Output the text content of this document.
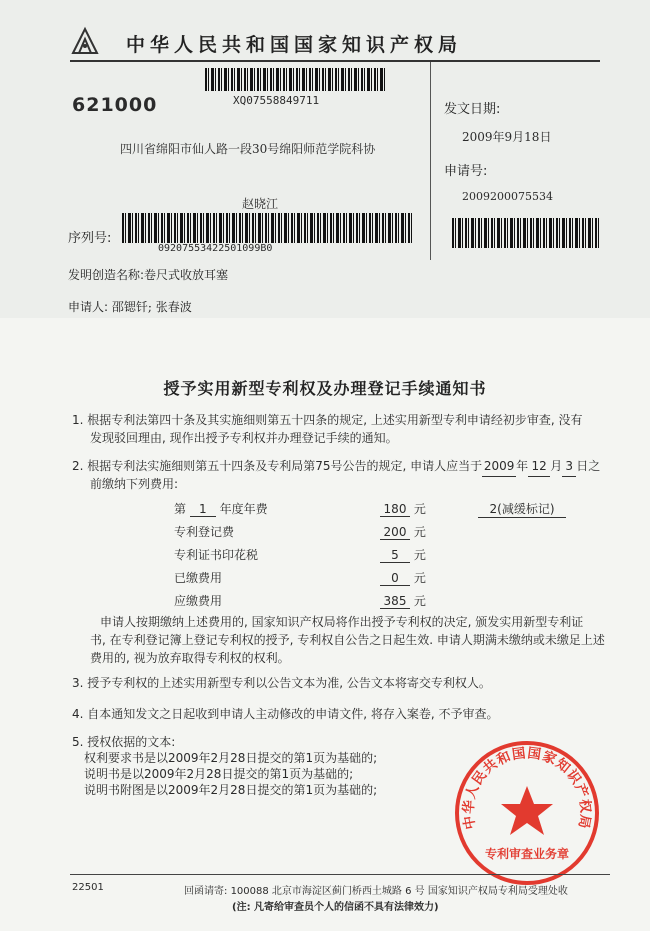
中华人民共和国国家知识产权局
XQ07558849711
621000
四川省绵阳市仙人路一段30号绵阳师范学院科协
赵晓江
序列号:
09207553422501099B0
发文日期:
2009年9月18日
申请号:
2009200075534
发明创造名称:卷尺式收放耳塞
申请人: 邵锶钎; 张春波
授予实用新型专利权及办理登记手续通知书
1. 根据专利法第四十条及其实施细则第五十四条的规定, 上述实用新型专利申请经初步审查, 没有
发现驳回理由, 现作出授予专利权并办理登记手续的通知。
2. 根据专利法实施细则第五十四条及专利局第75号公告的规定, 申请人应当于 2009 年 12 月 3 日之
前缴纳下列费用:
第 1 年度年费	180 元	2(减缓标记)
专利登记费	200 元
专利证书印花税	5 元
已缴费用	0 元
应缴费用	385 元
申请人按期缴纳上述费用的, 国家知识产权局将作出授予专利权的决定, 颁发实用新型专利证
书, 在专利登记簿上登记专利权的授予, 专利权自公告之日起生效. 申请人期满未缴纳或未缴足上述
费用的, 视为放弃取得专利权的权利。
3. 授予专利权的上述实用新型专利以公告文本为准, 公告文本将寄交专利权人。
4. 自本通知发文之日起收到申请人主动修改的申请文件, 将存入案卷, 不予审查。
5. 授权依据的文本:
权利要求书是以2009年2月28日提交的第1页为基础的;
说明书是以2009年2月28日提交的第1页为基础的;
说明书附图是以2009年2月28日提交的第1页为基础的;
中华人民共和国国家知识产权局
专利审查业务章
22501	回函请寄: 100088 北京市海淀区蓟门桥西土城路 6 号 国家知识产权局专利局受理处收
(注: 凡寄给审查员个人的信函不具有法律效力)
